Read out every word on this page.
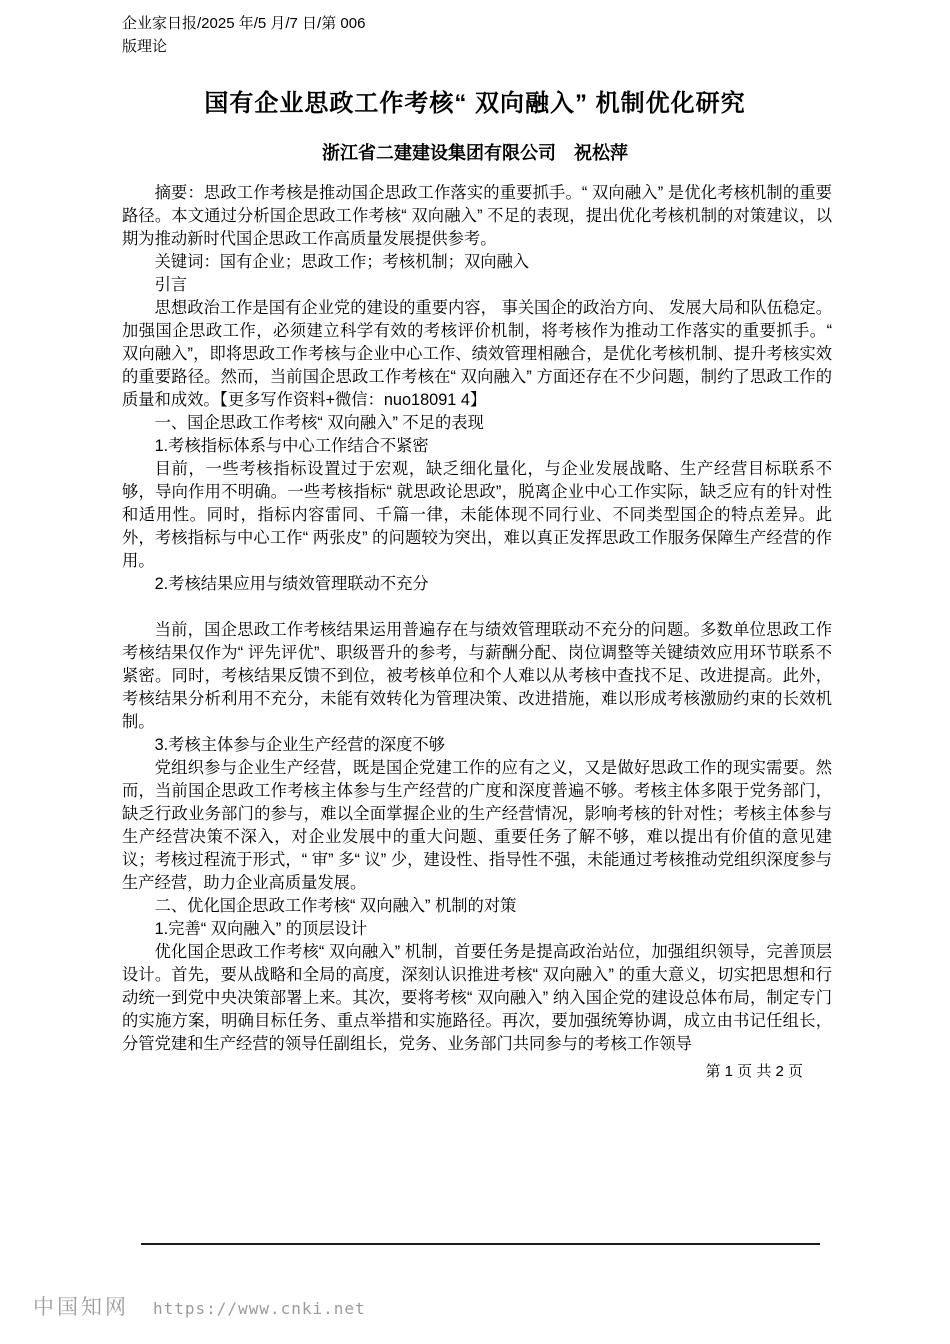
企业家日报/2025 年/5 月/7 日/第 006
版理论
国有企业思政工作考核“ 双向融入” 机制优化研究
浙江省二建建设集团有限公司　祝松萍

摘要：思政工作考核是推动国企思政工作落实的重要抓手。“ 双向融入” 是优化考核机制的重要路径。本文通过分析国企思政工作考核“ 双向融入” 不足的表现，提出优化考核机制的对策建议，以期为推动新时代国企思政工作高质量发展提供参考。

关键词：国有企业；思政工作；考核机制；双向融入

引言

思想政治工作是国有企业党的建设的重要内容， 事关国企的政治方向、 发展大局和队伍稳定。加强国企思政工作，必须建立科学有效的考核评价机制，将考核作为推动工作落实的重要抓手。“ 双向融入”，即将思政工作考核与企业中心工作、绩效管理相融合，是优化考核机制、提升考核实效的重要路径。然而，当前国企思政工作考核在“ 双向融入” 方面还存在不少问题，制约了思政工作的质量和成效。【更多写作资料+微信：nuo18091 4】

一、国企思政工作考核“ 双向融入” 不足的表现

1.考核指标体系与中心工作结合不紧密

目前，一些考核指标设置过于宏观，缺乏细化量化，与企业发展战略、生产经营目标联系不够，导向作用不明确。一些考核指标“ 就思政论思政”，脱离企业中心工作实际，缺乏应有的针对性和适用性。同时，指标内容雷同、千篇一律，未能体现不同行业、不同类型国企的特点差异。此外，考核指标与中心工作“ 两张皮” 的问题较为突出，难以真正发挥思政工作服务保障生产经营的作用。

2.考核结果应用与绩效管理联动不充分

当前，国企思政工作考核结果运用普遍存在与绩效管理联动不充分的问题。多数单位思政工作考核结果仅作为“ 评先评优”、职级晋升的参考，与薪酬分配、岗位调整等关键绩效应用环节联系不紧密。同时，考核结果反馈不到位，被考核单位和个人难以从考核中查找不足、改进提高。此外，考核结果分析利用不充分，未能有效转化为管理决策、改进措施，难以形成考核激励约束的长效机制。

3.考核主体参与企业生产经营的深度不够

党组织参与企业生产经营，既是国企党建工作的应有之义，又是做好思政工作的现实需要。然而，当前国企思政工作考核主体参与生产经营的广度和深度普遍不够。考核主体多限于党务部门，缺乏行政业务部门的参与，难以全面掌握企业的生产经营情况，影响考核的针对性；考核主体参与生产经营决策不深入，对企业发展中的重大问题、重要任务了解不够，难以提出有价值的意见建议；考核过程流于形式，“ 审” 多“ 议” 少，建设性、指导性不强，未能通过考核推动党组织深度参与生产经营，助力企业高质量发展。

二、优化国企思政工作考核“ 双向融入” 机制的对策

1.完善“ 双向融入” 的顶层设计

优化国企思政工作考核“ 双向融入” 机制，首要任务是提高政治站位，加强组织领导，完善顶层设计。首先，要从战略和全局的高度，深刻认识推进考核“ 双向融入” 的重大意义，切实把思想和行动统一到党中央决策部署上来。其次，要将考核“ 双向融入” 纳入国企党的建设总体布局，制定专门的实施方案，明确目标任务、重点举措和实施路径。再次，要加强统筹协调，成立由书记任组长，分管党建和生产经营的领导任副组长，党务、业务部门共同参与的考核工作领导

第 1 页 共 2 页
中国知网 https://www.cnki.net
